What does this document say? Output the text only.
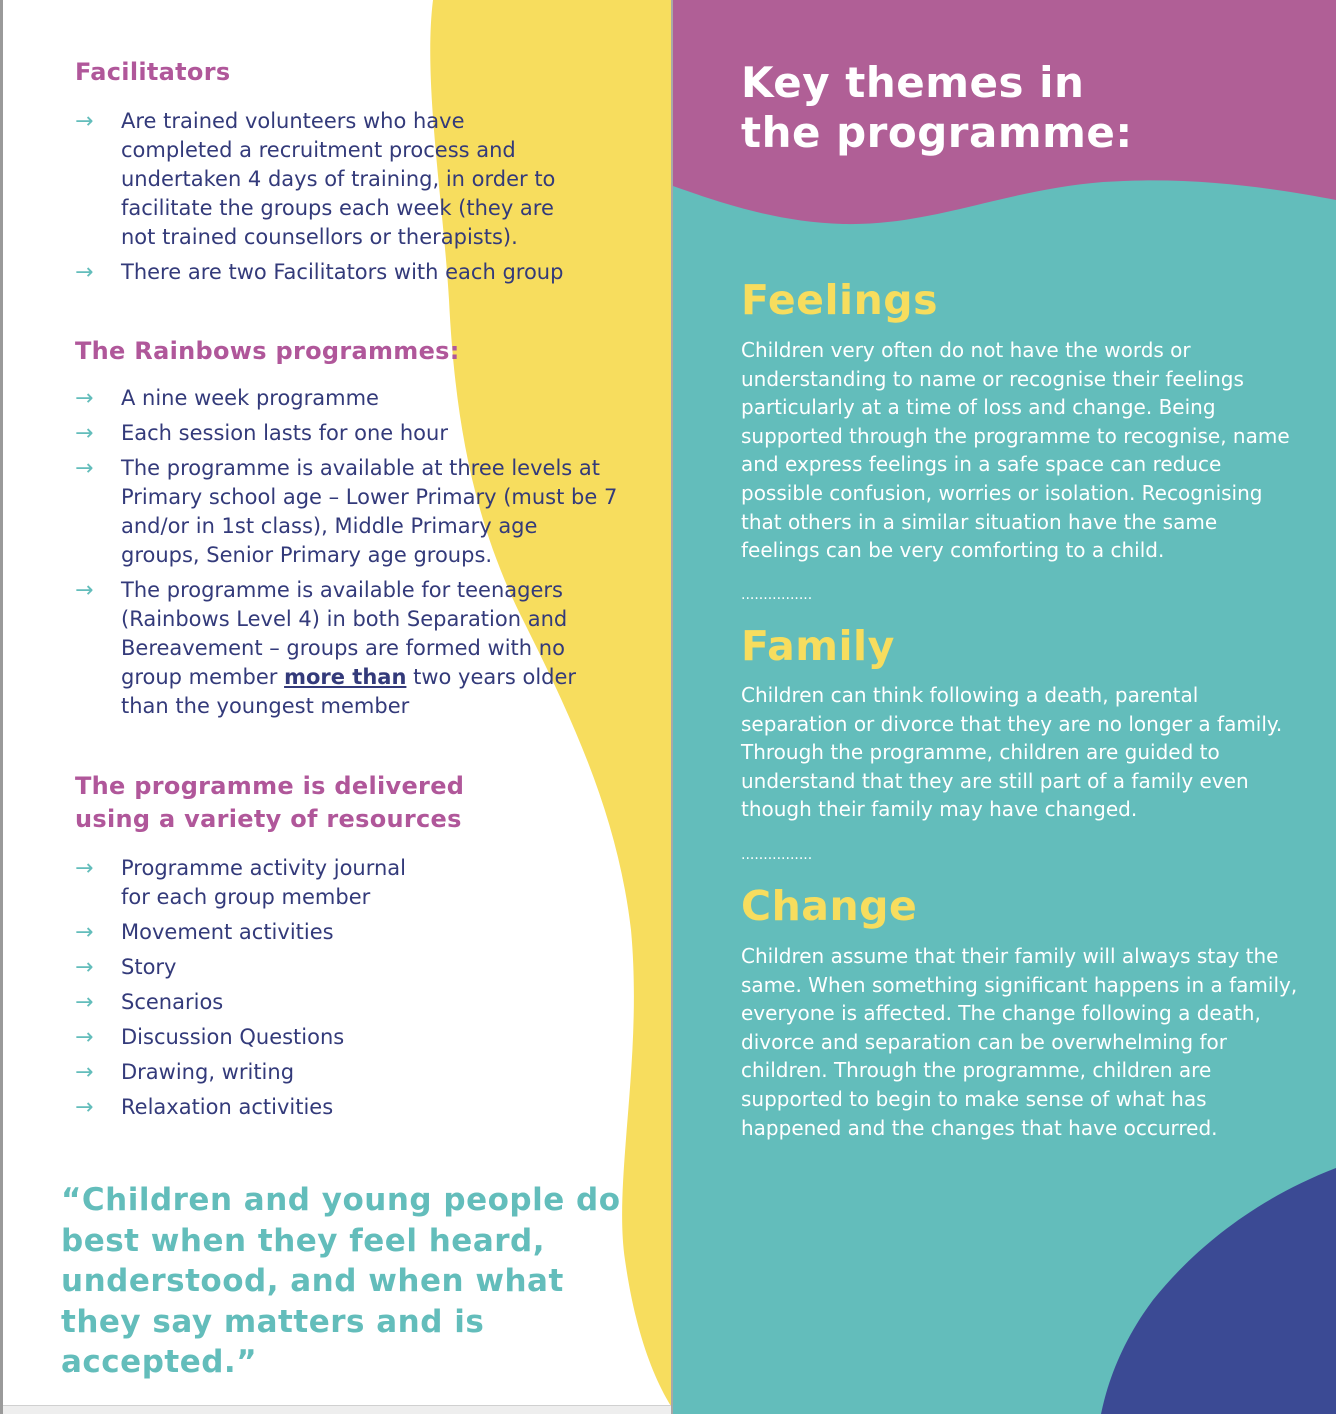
Facilitators
→ Are trained volunteers who have completed a recruitment process and undertaken 4 days of training, in order to facilitate the groups each week (they are not trained counsellors or therapists).
→ There are two Facilitators with each group
The Rainbows programmes:
→ A nine week programme
→ Each session lasts for one hour
→ The programme is available at three levels at Primary school age – Lower Primary (must be 7 and/or in 1st class), Middle Primary age groups, Senior Primary age groups.
→ The programme is available for teenagers (Rainbows Level 4) in both Separation and Bereavement – groups are formed with no group member more than two years older than the youngest member
The programme is delivered using a variety of resources
→ Programme activity journal for each group member
→ Movement activities
→ Story
→ Scenarios
→ Discussion Questions
→ Drawing, writing
→ Relaxation activities

“Children and young people do best when they feel heard, understood, and when what they say matters and is accepted.”

Key themes in
the programme:
Feelings

Children very often do not have the words or understanding to name or recognise their feelings particularly at a time of loss and change. Being supported through the programme to recognise, name and express feelings in a safe space can reduce possible confusion, worries or isolation. Recognising that others in a similar situation have the same feelings can be very comforting to a child.

................

Family

Children can think following a death, parental separation or divorce that they are no longer a family. Through the programme, children are guided to understand that they are still part of a family even though their family may have changed.

................

Change

Children assume that their family will always stay the same. When something significant happens in a family, everyone is affected. The change following a death, divorce and separation can be overwhelming for children. Through the programme, children are supported to begin to make sense of what has happened and the changes that have occurred.
